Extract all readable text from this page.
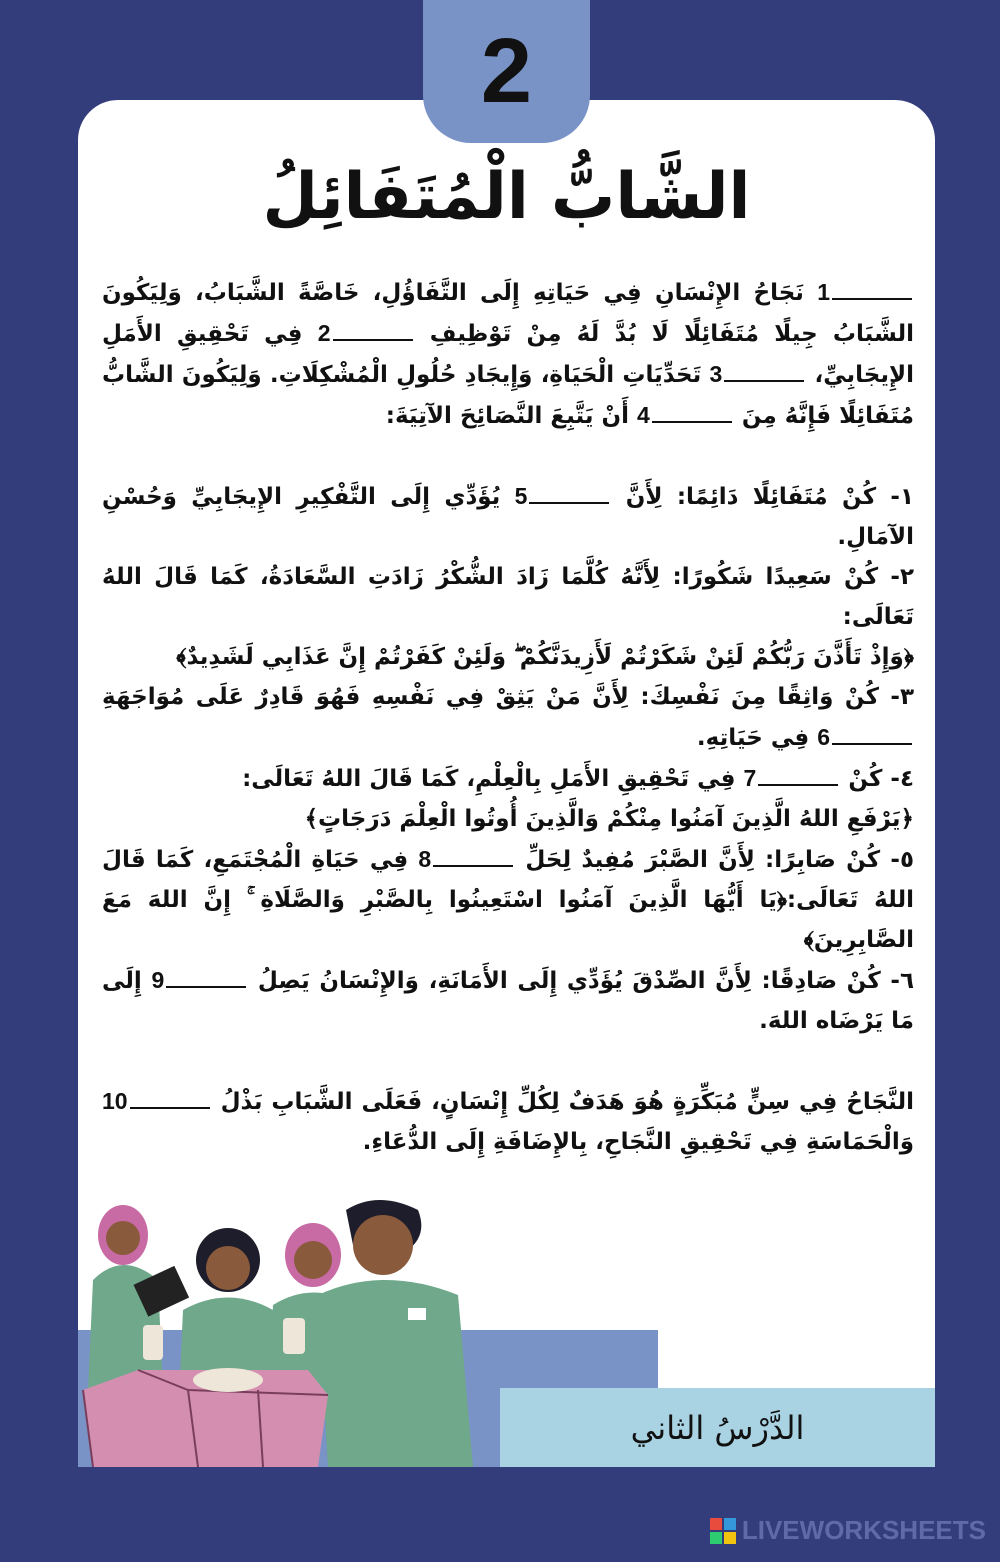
2
الشَّابُّ الْمُتَفَائِلُ

1 نَجَاحُ الإِنْسَانِ فِي حَيَاتِهِ إِلَى التَّفَاؤُلِ، خَاصَّةً الشَّبَابُ، وَلِيَكُونَ الشَّبَابُ جِيلًا مُتَفَائِلًا لَا بُدَّ لَهُ مِنْ تَوْظِيفِ 2 فِي تَحْقِيقِ الأَمَلِ الإِيجَابِيِّ، 3 تَحَدِّيَاتِ الْحَيَاةِ، وَإِيجَادِ حُلُولِ الْمُشْكِلَاتِ. وَلِيَكُونَ الشَّابُّ مُتَفَائِلًا فَإِنَّهُ مِنَ 4 أَنْ يَتَّبِعَ النَّصَائِحَ الآتِيَةَ:

١- كُنْ مُتَفَائِلًا دَائِمًا: لِأَنَّ 5 يُؤَدِّي إِلَى التَّفْكِيرِ الإِيجَابِيِّ وَحُسْنِ الآمَالِ.

٢- كُنْ سَعِيدًا شَكُورًا: لِأَنَّهُ كُلَّمَا زَادَ الشُّكْرُ زَادَتِ السَّعَادَةُ، كَمَا قَالَ اللهُ تَعَالَى:

﴿وَإِذْ تَأَذَّنَ رَبُّكُمْ لَئِنْ شَكَرْتُمْ لَأَزِيدَنَّكُمْ ۖ وَلَئِنْ كَفَرْتُمْ إِنَّ عَذَابِي لَشَدِيدٌ﴾

٣- كُنْ وَاثِقًا مِنَ نَفْسِكَ: لِأَنَّ مَنْ يَثِقْ فِي نَفْسِهِ فَهُوَ قَادِرٌ عَلَى مُوَاجَهَةِ 6 فِي حَيَاتِهِ.

٤- كُنْ 7 فِي تَحْقِيقِ الأَمَلِ بِالْعِلْمِ، كَمَا قَالَ اللهُ تَعَالَى:

﴿يَرْفَعِ اللهُ الَّذِينَ آمَنُوا مِنْكُمْ وَالَّذِينَ أُوتُوا الْعِلْمَ دَرَجَاتٍ﴾

٥- كُنْ صَابِرًا: لِأَنَّ الصَّبْرَ مُفِيدٌ لِحَلِّ 8 فِي حَيَاةِ الْمُجْتَمَعِ، كَمَا قَالَ اللهُ تَعَالَى:﴿يَا أَيُّهَا الَّذِينَ آمَنُوا اسْتَعِينُوا بِالصَّبْرِ وَالصَّلَاةِ ۚ إِنَّ اللهَ مَعَ الصَّابِرِينَ﴾

٦- كُنْ صَادِقًا: لِأَنَّ الصِّدْقَ يُؤَدِّي إِلَى الأَمَانَةِ، وَالإِنْسَانُ يَصِلُ 9 إِلَى مَا يَرْضَاه اللهَ.

النَّجَاحُ فِي سِنٍّ مُبَكِّرَةٍ هُوَ هَدَفٌ لِكُلِّ إِنْسَانٍ، فَعَلَى الشَّبَابِ بَذْلُ 10 وَالْحَمَاسَةِ فِي تَحْقِيقِ النَّجَاحِ، بِالإِضَافَةِ إِلَى الدُّعَاءِ.

الدَّرْسُ الثاني
LIVEWORKSHEETS
